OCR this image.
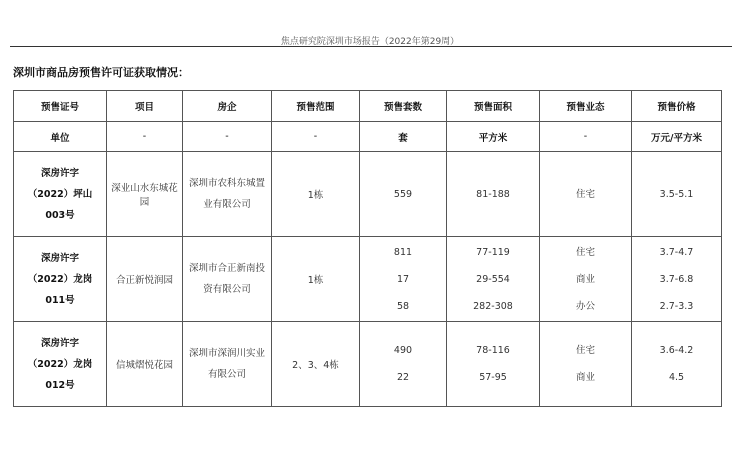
焦点研究院深圳市场报告（2022年第29周）
深圳市商品房预售许可证获取情况：
预售证号	项目	房企	预售范围	预售套数	预售面积	预售业态	预售价格
单位	-	-	-	套	平方米	-	万元/平方米

深房许字
（2022）坪山
003号	深业山水东城花园	深圳市农科东城置
业有限公司	1栋	559	81-188	住宅	3.5-5.1

深房许字
（2022）龙岗
011号	合正新悦润园	深圳市合正新南投
资有限公司	1栋	811
17
58	77-119
29-554
282-308	住宅
商业
办公	3.7-4.7
3.7-6.8
2.7-3.3

深房许字
（2022）龙岗
012号	信城熠悦花园	深圳市深润川实业
有限公司	2、3、4栋	490
22	78-116
57-95	住宅
商业	3.6-4.2
4.5
